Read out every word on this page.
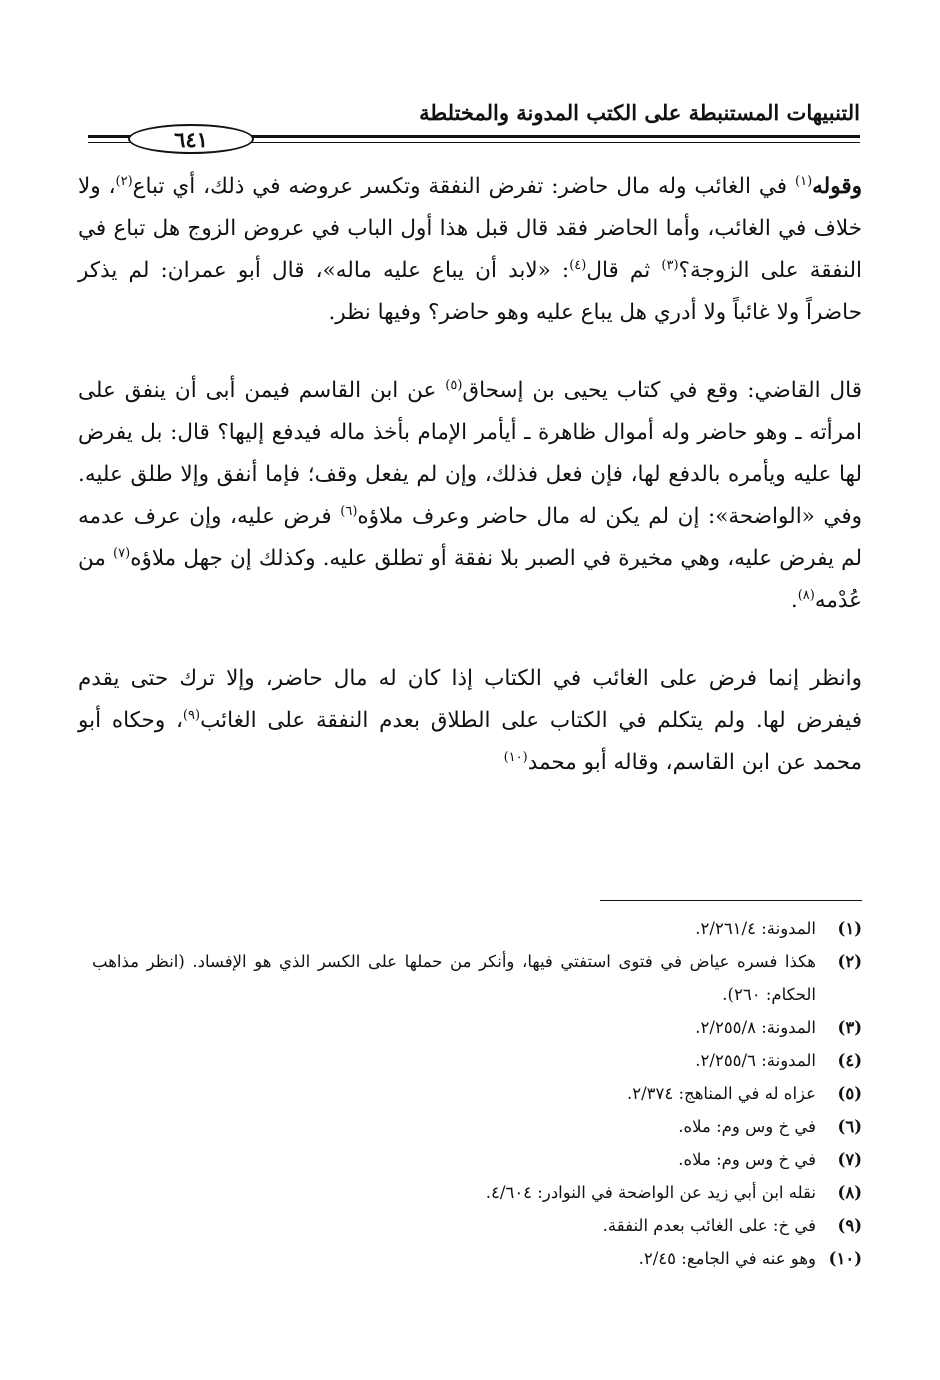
التنبيهات المستنبطة على الكتب المدونة والمختلطة
٦٤١

وقوله$^{(١)}$ في الغائب وله مال حاضر: تفرض النفقة وتكسر عروضه في ذلك، أي تباع$^{(٢)}$، ولا خلاف في الغائب، وأما الحاضر فقد قال قبل هذا أول الباب في عروض الزوج هل تباع في النفقة على الزوجة؟$^{(٣)}$ ثم قال$^{(٤)}$: «لابد أن يباع عليه ماله»، قال أبو عمران: لم يذكر حاضراً ولا غائباً ولا أدري هل يباع عليه وهو حاضر؟ وفيها نظر.

قال القاضي: وقع في كتاب يحيى بن إسحاق$^{(٥)}$ عن ابن القاسم فيمن أبى أن ينفق على امرأته ـ وهو حاضر وله أموال ظاهرة ـ أيأمر الإمام بأخذ ماله فيدفع إليها؟ قال: بل يفرض لها عليه ويأمره بالدفع لها، فإن فعل فذلك، وإن لم يفعل وقف؛ فإما أنفق وإلا طلق عليه. وفي «الواضحة»: إن لم يكن له مال حاضر وعرف ملاؤه$^{(٦)}$ فرض عليه، وإن عرف عدمه لم يفرض عليه، وهي مخيرة في الصبر بلا نفقة أو تطلق عليه. وكذلك إن جهل ملاؤه$^{(٧)}$ من عُدْمه$^{(٨)}$.

وانظر إنما فرض على الغائب في الكتاب إذا كان له مال حاضر، وإلا ترك حتى يقدم فيفرض لها. ولم يتكلم في الكتاب على الطلاق بعدم النفقة على الغائب$^{(٩)}$، وحكاه أبو محمد عن ابن القاسم، وقاله أبو محمد$^{(١٠)}$

(١)
المدونة: ٢/٢٦١/٤.
(٢)
هكذا فسره عياض في فتوى استفتي فيها، وأنكر من حملها على الكسر الذي هو الإفساد. (انظر مذاهب الحكام: ٢٦٠).
(٣)
المدونة: ٢/٢٥٥/٨.
(٤)
المدونة: ٢/٢٥٥/٦.
(٥)
عزاه له في المناهج: ٢/٣٧٤.
(٦)
في خ وس وم: ملاه.
(٧)
في خ وس وم: ملاه.
(٨)
نقله ابن أبي زيد عن الواضحة في النوادر: ٤/٦٠٤.
(٩)
في خ: على الغائب بعدم النفقة.
(١٠)
وهو عنه في الجامع: ٢/٤٥.
